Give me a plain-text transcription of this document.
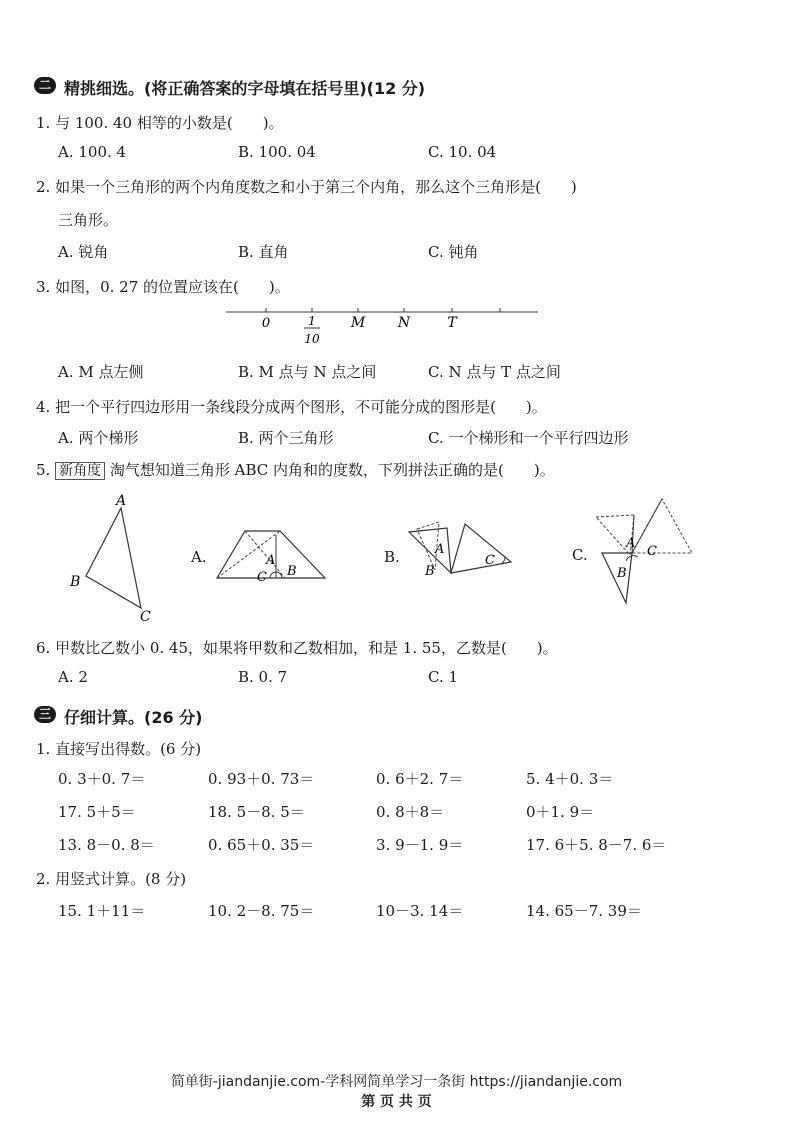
二 精挑细选。(将正确答案的字母填在括号里)(12 分)
1. 与 100. 40 相等的小数是(　　)。
A. 100. 4	B. 100. 04	C. 10. 04
2. 如果一个三角形的两个内角度数之和小于第三个内角，那么这个三角形是(　　)
三角形。
A. 锐角	B. 直角	C. 钝角
3. 如图，0. 27 的位置应该在(　　)。
0	1
10
M N	T
A. M 点左侧	B. M 点与 N 点之间	C. N 点与 T 点之间
4. 把一个平行四边形用一条线段分成两个图形，不可能分成的图形是(　　)。
A. 两个梯形	B. 两个三角形	C. 一个梯形和一个平行四边形
5. 新角度 淘气想知道三角形 ABC 内角和的度数，下列拼法正确的是(　　)。
A
B
C
A.	A
C B
B.	A
B
C	C.
A
B
C
6. 甲数比乙数小 0. 45，如果将甲数和乙数相加，和是 1. 55，乙数是(　　)。
A. 2	B. 0. 7	C. 1
三 仔细计算。(26 分)
1. 直接写出得数。(6 分)
0. 3＋0. 7＝	0. 93＋0. 73＝	0. 6＋2. 7＝	5. 4＋0. 3＝
17. 5＋5＝	18. 5－8. 5＝	0. 8＋8＝	0＋1. 9＝
13. 8－0. 8＝	0. 65＋0. 35＝	3. 9－1. 9＝	17. 6＋5. 8－7. 6＝
2. 用竖式计算。(8 分)
15. 1＋11＝	10. 2－8. 75＝	10－3. 14＝	14. 65－7. 39＝
简单街-jiandanjie.com-学科网简单学习一条街 https://jiandanjie.com
第 页 共 页
